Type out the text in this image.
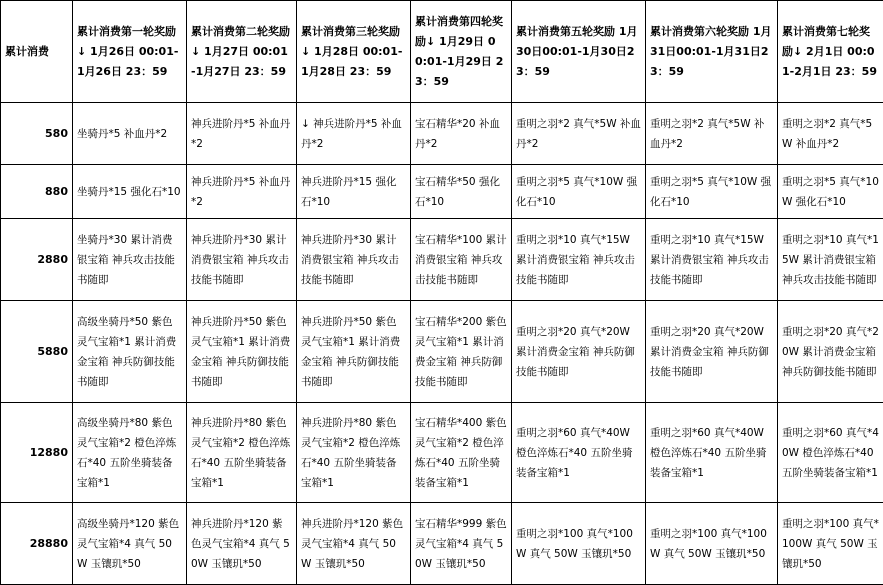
累计消费	累计消费第一轮奖励↓ 1月26日 00:01-1月26日 23：59	累计消费第二轮奖励↓ 1月27日 00:01-1月27日 23：59	累计消费第三轮奖励↓ 1月28日 00:01-1月28日 23：59	累计消费第四轮奖励↓ 1月29日 00:01-1月29日 23：59	累计消费第五轮奖励 1月30日00:01-1月30日23：59	累计消费第六轮奖励 1月31日00:01-1月31日23：59	累计消费第七轮奖励↓ 2月1日 00:01-2月1日 23：59
580	坐骑丹*5 补血丹*2	神兵进阶丹*5 补血丹*2	↓ 神兵进阶丹*5 补血丹*2	宝石精华*20 补血丹*2	重明之羽*2 真气*5W 补血丹*2	重明之羽*2 真气*5W 补血丹*2	重明之羽*2 真气*5W 补血丹*2
880	坐骑丹*15 强化石*10	神兵进阶丹*5 补血丹*2	神兵进阶丹*15 强化石*10	宝石精华*50 强化石*10	重明之羽*5 真气*10W 强化石*10	重明之羽*5 真气*10W 强化石*10	重明之羽*5 真气*10W 强化石*10
2880	坐骑丹*30 累计消费银宝箱 神兵攻击技能书随即	神兵进阶丹*30 累计消费银宝箱 神兵攻击技能书随即	神兵进阶丹*30 累计消费银宝箱 神兵攻击技能书随即	宝石精华*100 累计消费银宝箱 神兵攻击技能书随即	重明之羽*10 真气*15W 累计消费银宝箱 神兵攻击技能书随即	重明之羽*10 真气*15W 累计消费银宝箱 神兵攻击技能书随即	重明之羽*10 真气*15W 累计消费银宝箱 神兵攻击技能书随即
5880	高级坐骑丹*50 紫色灵气宝箱*1 累计消费金宝箱 神兵防御技能书随即	神兵进阶丹*50 紫色灵气宝箱*1 累计消费金宝箱 神兵防御技能书随即	神兵进阶丹*50 紫色灵气宝箱*1 累计消费金宝箱 神兵防御技能书随即	宝石精华*200 紫色灵气宝箱*1 累计消费金宝箱 神兵防御技能书随即	重明之羽*20 真气*20W 累计消费金宝箱 神兵防御技能书随即	重明之羽*20 真气*20W 累计消费金宝箱 神兵防御技能书随即	重明之羽*20 真气*20W 累计消费金宝箱 神兵防御技能书随即
12880	高级坐骑丹*80 紫色灵气宝箱*2 橙色淬炼石*40 五阶坐骑装备宝箱*1	神兵进阶丹*80 紫色灵气宝箱*2 橙色淬炼石*40 五阶坐骑装备宝箱*1	神兵进阶丹*80 紫色灵气宝箱*2 橙色淬炼石*40 五阶坐骑装备宝箱*1	宝石精华*400 紫色灵气宝箱*2 橙色淬炼石*40 五阶坐骑装备宝箱*1	重明之羽*60 真气*40W 橙色淬炼石*40 五阶坐骑装备宝箱*1	重明之羽*60 真气*40W 橙色淬炼石*40 五阶坐骑装备宝箱*1	重明之羽*60 真气*40W 橙色淬炼石*40 五阶坐骑装备宝箱*1
28880	高级坐骑丹*120 紫色灵气宝箱*4 真气 50W 玉镶玑*50	神兵进阶丹*120 紫色灵气宝箱*4 真气 50W 玉镶玑*50	神兵进阶丹*120 紫色灵气宝箱*4 真气 50W 玉镶玑*50	宝石精华*999 紫色灵气宝箱*4 真气 50W 玉镶玑*50	重明之羽*100 真气*100W 真气 50W 玉镶玑*50	重明之羽*100 真气*100W 真气 50W 玉镶玑*50	重明之羽*100 真气*100W 真气 50W 玉镶玑*50
